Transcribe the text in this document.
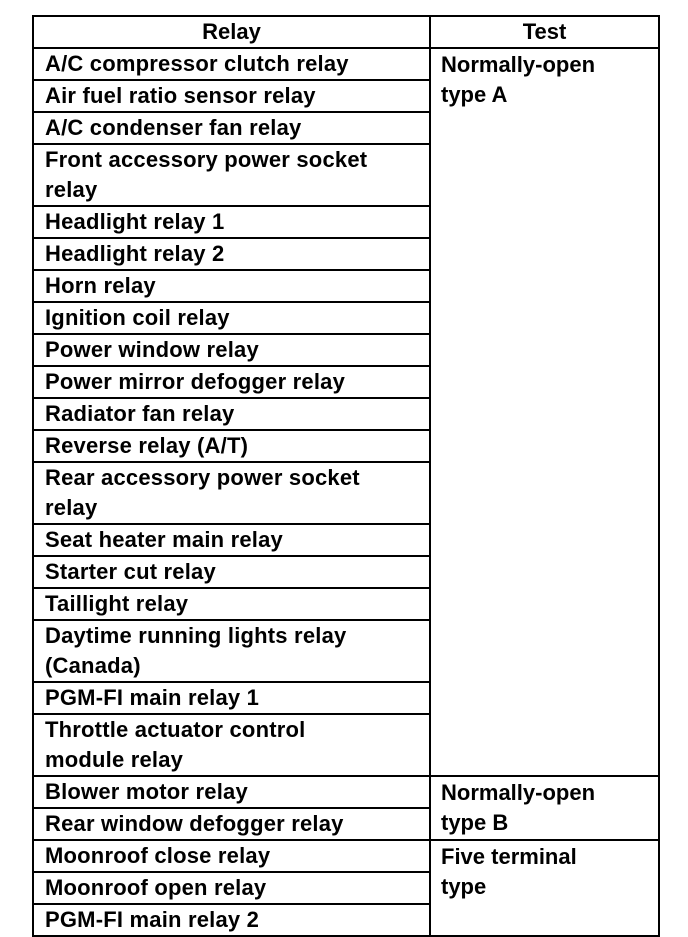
Relay	Test
A/C compressor clutch relay	Normally-open
type A
Air fuel ratio sensor relay	
A/C condenser fan relay	
Front accessory power socket
relay	
Headlight relay 1	
Headlight relay 2	
Horn relay	
Ignition coil relay	
Power window relay	
Power mirror defogger relay	
Radiator fan relay	
Reverse relay (A/T)	
Rear accessory power socket
relay	
Seat heater main relay	
Starter cut relay	
Taillight relay	
Daytime running lights relay
(Canada)	
PGM-FI main relay 1	
Throttle actuator control
module relay	
Blower motor relay	Normally-open
type B
Rear window defogger relay	
Moonroof close relay	Five terminal
type
Moonroof open relay	
PGM-FI main relay 2	
